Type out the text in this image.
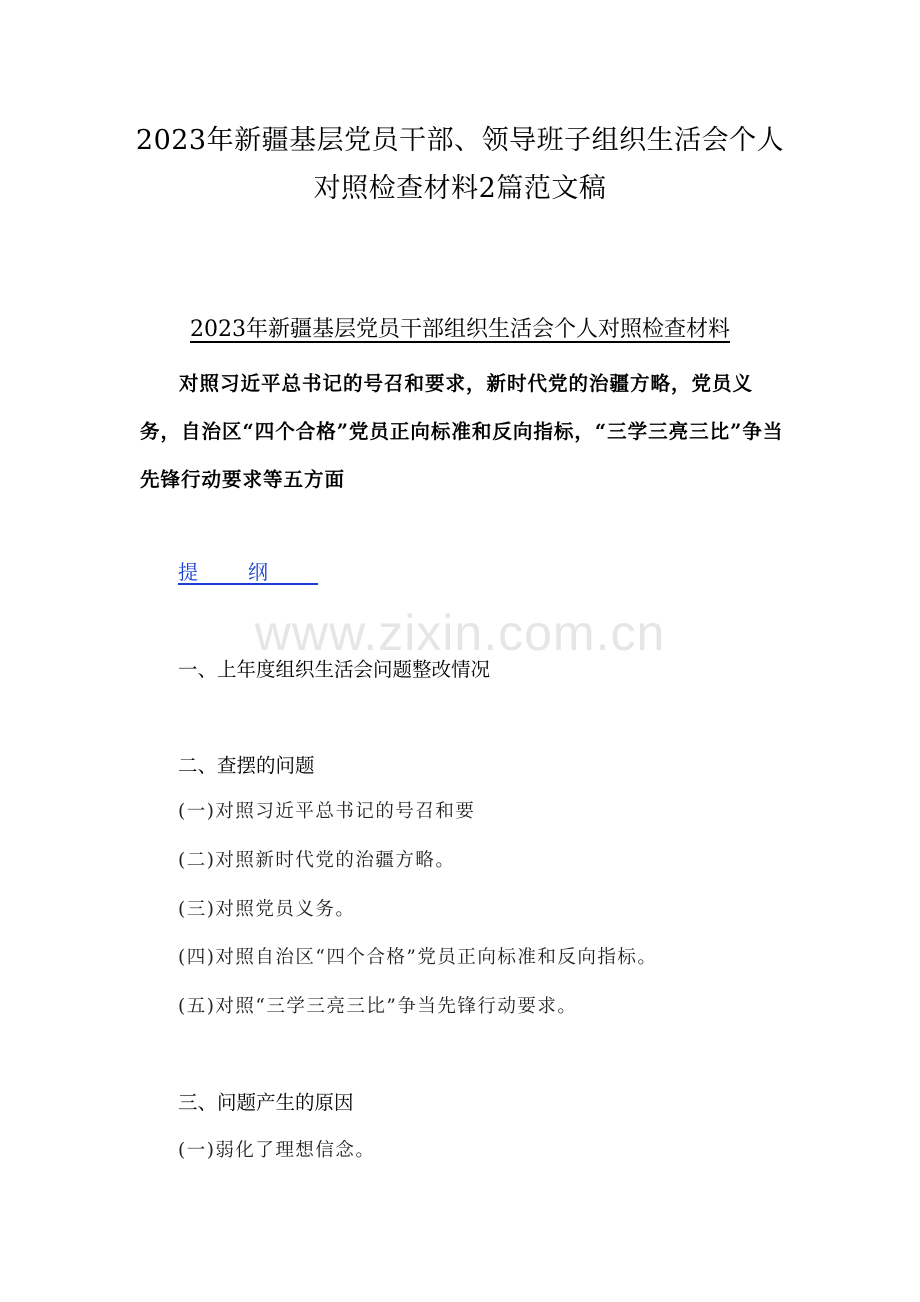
2023年新疆基层党员干部、领导班子组织生活会个人
对照检查材料2篇范文稿
2023年新疆基层党员干部组织生活会个人对照检查材料
对照习近平总书记的号召和要求，新时代党的治疆方略，党员义务，自治区“四个合格”党员正向标准和反向指标，“三学三亮三比”争当先锋行动要求等五方面
提纲
www.zixin.com.cn
一、上年度组织生活会问题整改情况
二、查摆的问题
(一)对照习近平总书记的号召和要
(二)对照新时代党的治疆方略。
(三)对照党员义务。
(四)对照自治区“四个合格”党员正向标准和反向指标。
(五)对照“三学三亮三比”争当先锋行动要求。
三、问题产生的原因
(一)弱化了理想信念。
